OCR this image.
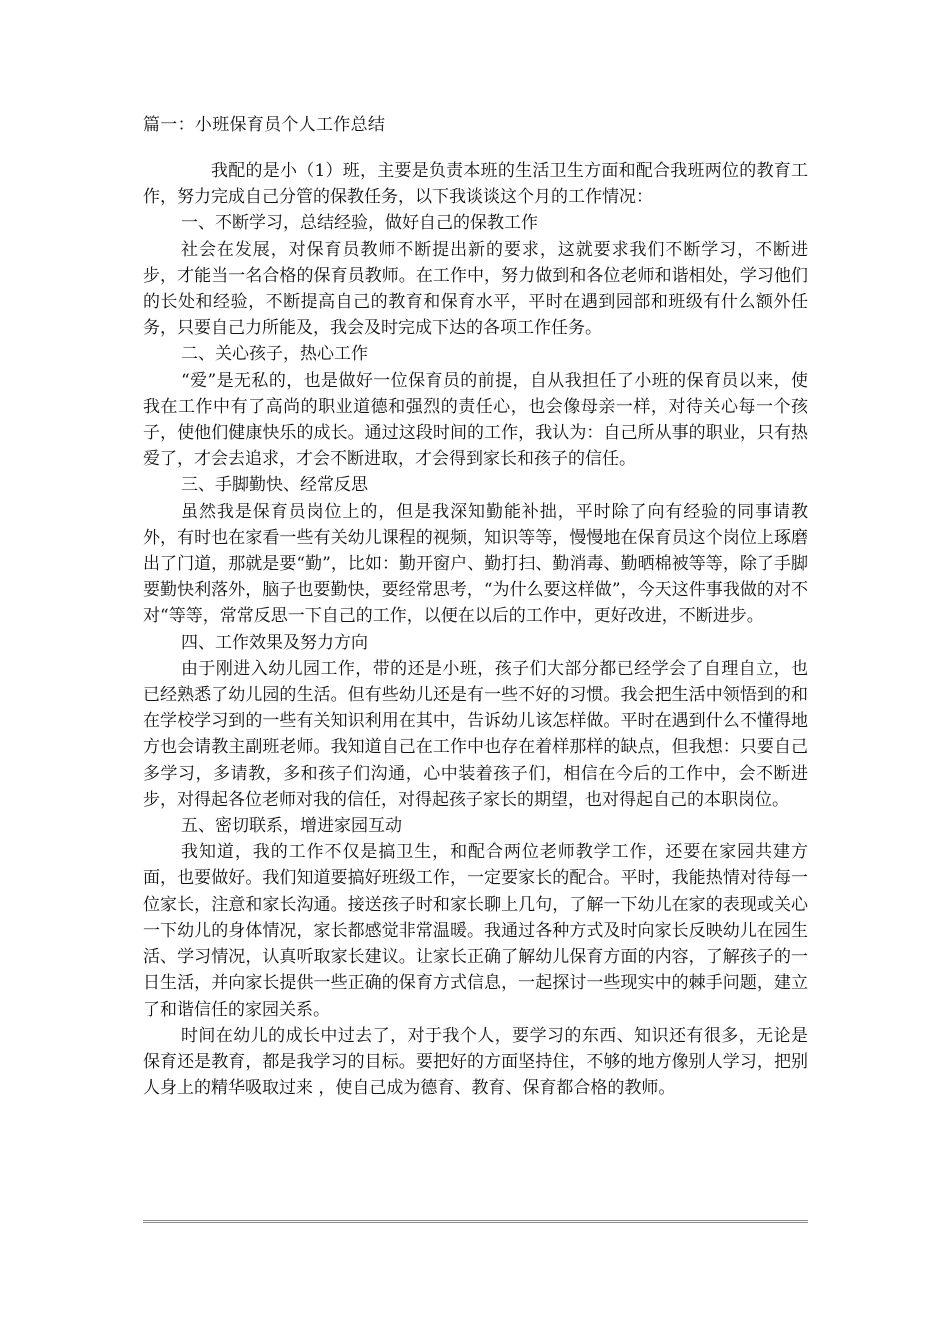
篇一：小班保育员个人工作总结

我配的是小（1）班，主要是负责本班的生活卫生方面和配合我班两位的教育工作，努力完成自己分管的保教任务，以下我谈谈这个月的工作情况：

一、不断学习，总结经验，做好自己的保教工作

社会在发展，对保育员教师不断提出新的要求，这就要求我们不断学习，不断进步，才能当一名合格的保育员教师。在工作中，努力做到和各位老师和谐相处，学习他们的长处和经验，不断提高自己的教育和保育水平，平时在遇到园部和班级有什么额外任务，只要自己力所能及，我会及时完成下达的各项工作任务。

二、关心孩子，热心工作

“爱”是无私的，也是做好一位保育员的前提，自从我担任了小班的保育员以来，使我在工作中有了高尚的职业道德和强烈的责任心，也会像母亲一样，对待关心每一个孩子，使他们健康快乐的成长。通过这段时间的工作，我认为：自己所从事的职业，只有热爱了，才会去追求，才会不断进取，才会得到家长和孩子的信任。

三、手脚勤快、经常反思

虽然我是保育员岗位上的，但是我深知勤能补拙，平时除了向有经验的同事请教外，有时也在家看一些有关幼儿课程的视频，知识等等，慢慢地在保育员这个岗位上琢磨出了门道，那就是要“勤”，比如：勤开窗户、勤打扫、勤消毒、勤晒棉被等等，除了手脚要勤快利落外，脑子也要勤快，要经常思考，“为什么要这样做”，今天这件事我做的对不对“等等，常常反思一下自己的工作，以便在以后的工作中，更好改进，不断进步。

四、工作效果及努力方向

由于刚进入幼儿园工作，带的还是小班，孩子们大部分都已经学会了自理自立，也已经熟悉了幼儿园的生活。但有些幼儿还是有一些不好的习惯。我会把生活中领悟到的和在学校学习到的一些有关知识利用在其中，告诉幼儿该怎样做。平时在遇到什么不懂得地方也会请教主副班老师。我知道自己在工作中也存在着样那样的缺点，但我想：只要自己多学习，多请教，多和孩子们沟通，心中装着孩子们，相信在今后的工作中，会不断进步，对得起各位老师对我的信任，对得起孩子家长的期望，也对得起自己的本职岗位。

五、密切联系，增进家园互动

我知道，我的工作不仅是搞卫生，和配合两位老师教学工作，还要在家园共建方面，也要做好。我们知道要搞好班级工作，一定要家长的配合。平时，我能热情对待每一位家长，注意和家长沟通。接送孩子时和家长聊上几句，了解一下幼儿在家的表现或关心一下幼儿的身体情况，家长都感觉非常温暖。我通过各种方式及时向家长反映幼儿在园生活、学习情况，认真听取家长建议。让家长正确了解幼儿保育方面的内容，了解孩子的一日生活，并向家长提供一些正确的保育方式信息，一起探讨一些现实中的棘手问题，建立了和谐信任的家园关系。

时间在幼儿的成长中过去了，对于我个人，要学习的东西、知识还有很多，无论是保育还是教育，都是我学习的目标。要把好的方面坚持住，不够的地方像别人学习，把别人身上的精华吸取过来 ，使自己成为德育、教育、保育都合格的教师。
